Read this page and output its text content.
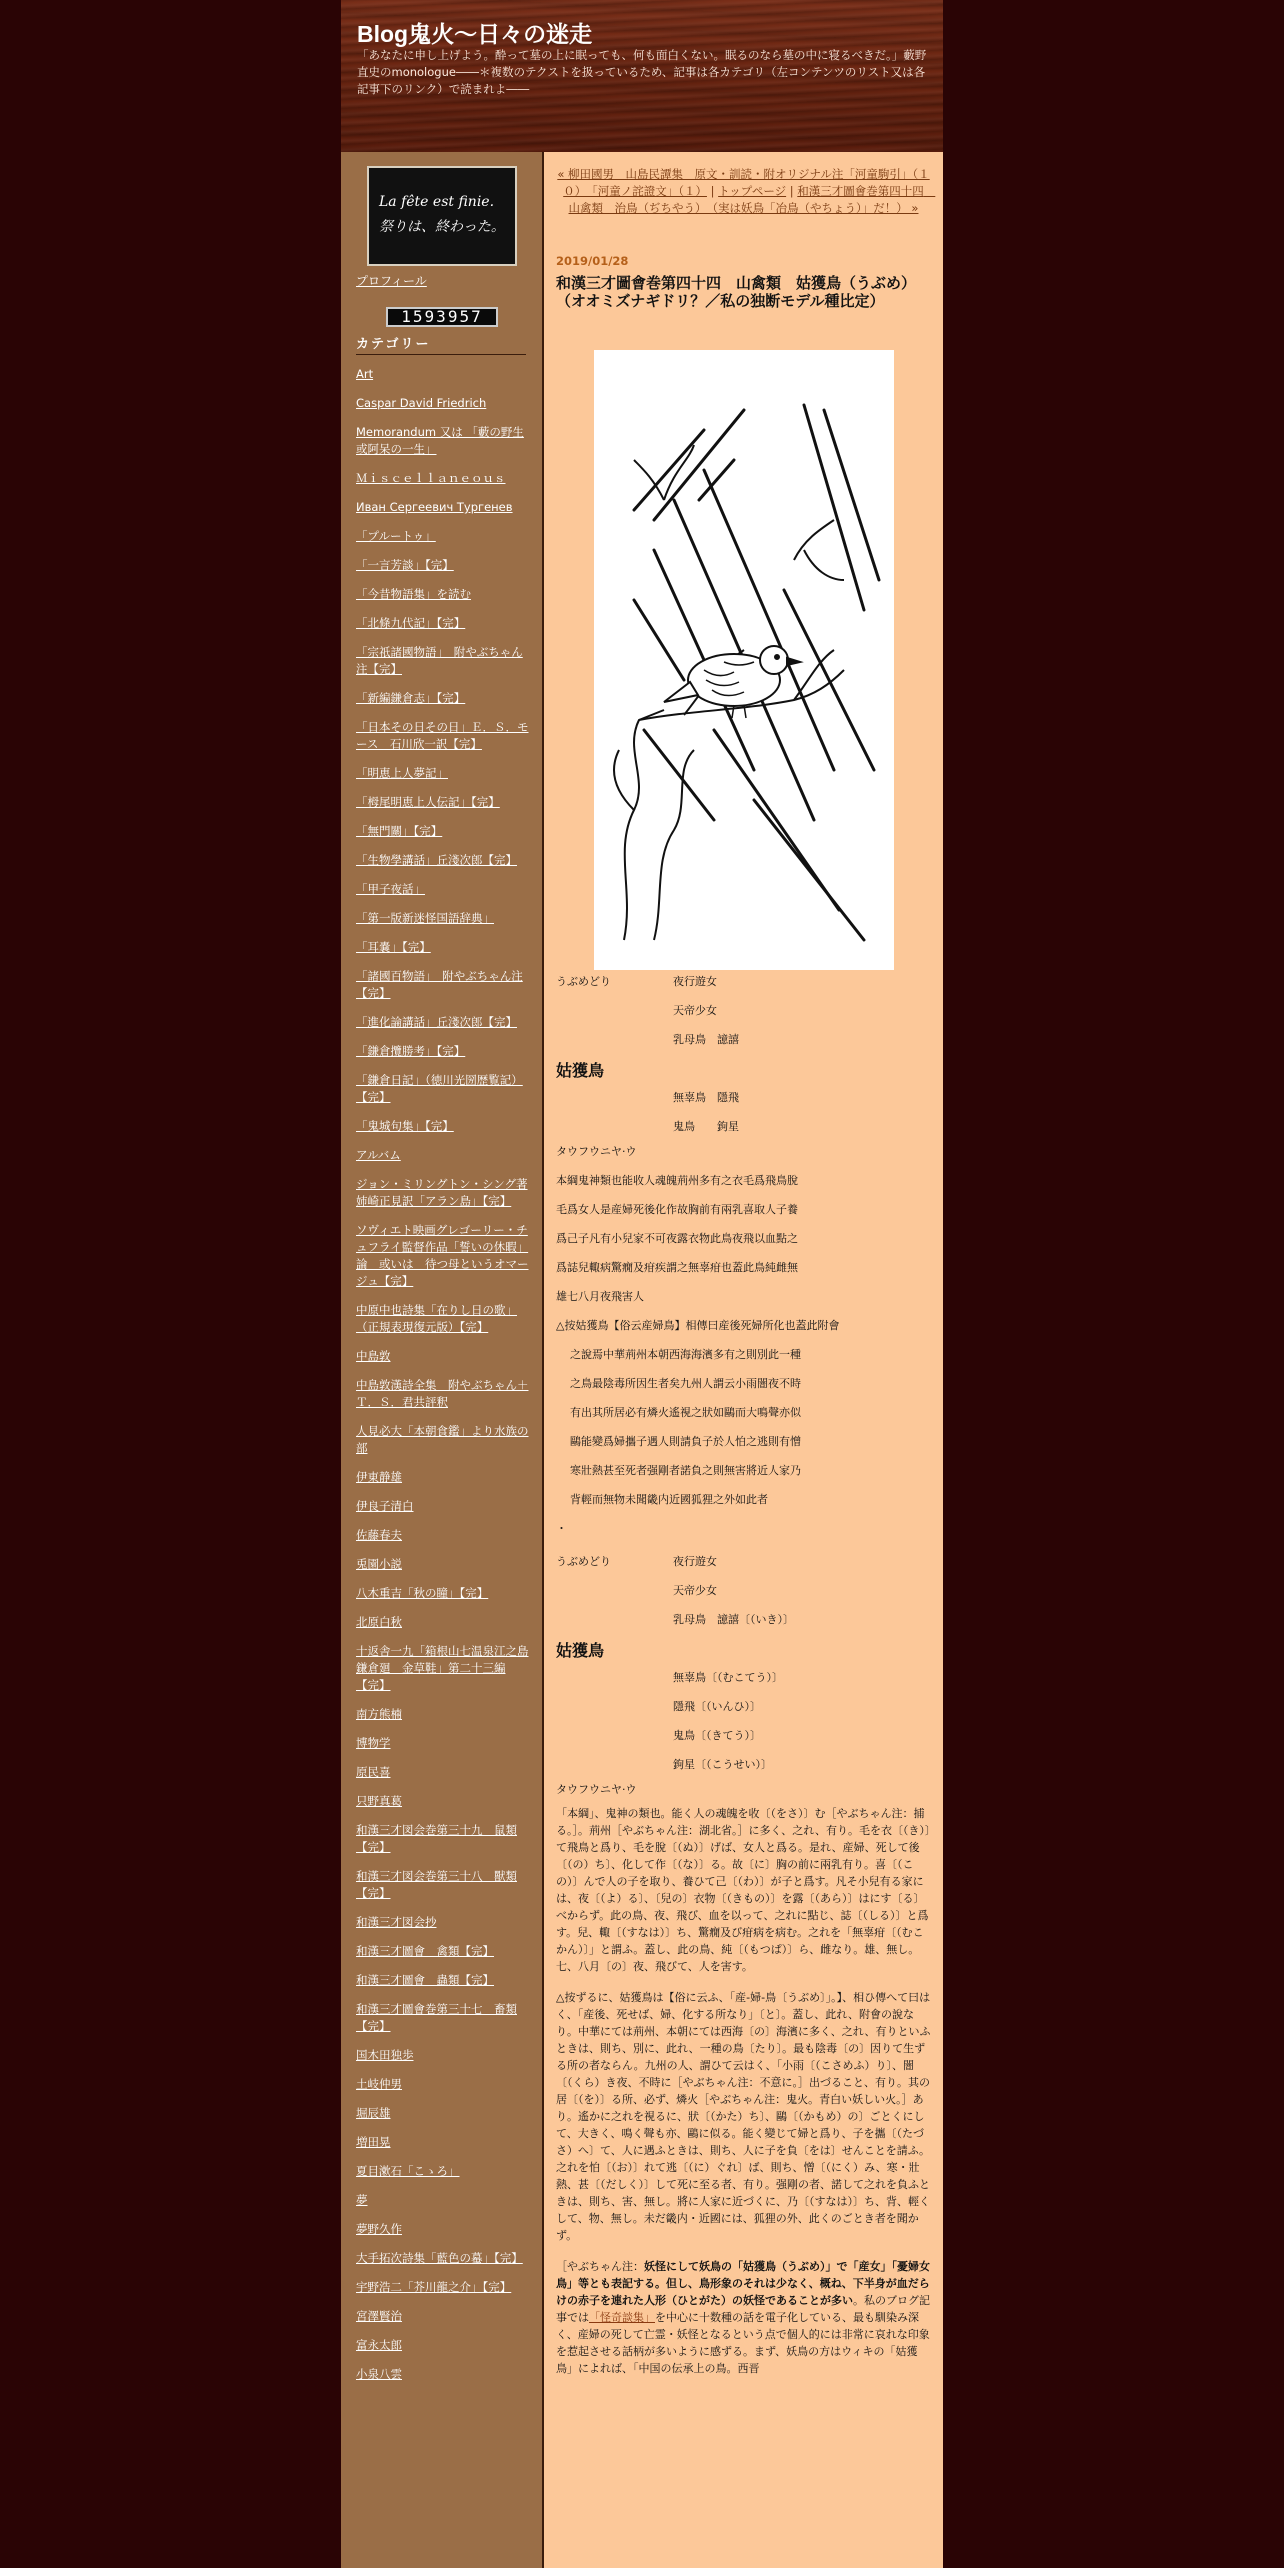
Blog鬼火～日々の迷走
「あなたに申し上げよう。酔って墓の上に眠っても、何も面白くない。眠るのなら墓の中に寝るべきだ。」藪野直史のmonologue――＊複数のテクストを扱っているため、記事は各カテゴリ（左コンテンツのリスト又は各記事下のリンク）で読まれよ――
La fête est finie.
祭りは、終わった。
プロフィール
1593957
カテゴリー
Art
Caspar David Friedrich
Memorandum 又は 「藪の野生或阿呆の一生」
Ｍｉｓｃｅｌｌａｎｅｏｕｓ
Иван Сергеевич Тургенев
「プルートゥ」
「一言芳談」【完】
「今昔物語集」を読む
「北條九代記」【完】
「宗祇諸國物語」　附やぶちゃん注【完】
「新編鎌倉志」【完】
「日本その日その日」Ｅ．Ｓ．モース　石川欣一訳【完】
「明恵上人夢記」
「栂尾明恵上人伝記」【完】
「無門關」【完】
「生物學講話」丘淺次郎【完】
「甲子夜話」
「第一版新迷怪国語辞典」
「耳嚢」【完】
「諸國百物語」　附やぶちゃん注【完】
「進化論講話」丘淺次郎【完】
「鎌倉攬勝考」【完】
「鎌倉日記」（徳川光圀歴覧記）【完】
「鬼城句集」【完】
アルバム
ジョン・ミリングトン・シング著姉崎正見訳「アラン島」【完】
ソヴィエト映画グレゴーリー・チュフライ監督作品「誓いの休暇」論　或いは　待つ母というオマージュ【完】
中原中也詩集「在りし日の歌」（正規表現復元版）【完】
中島敦
中島敦漢詩全集　附やぶちゃん＋Ｔ．Ｓ．君共評釈
人見必大「本朝食鑑」より水族の部
伊東静雄
伊良子清白
佐藤春夫
兎園小説
八木重吉「秋の瞳」【完】
北原白秋
十返舎一九「箱根山七温泉江之島鎌倉廻　金草鞋」第二十三編【完】
南方熊楠
博物学
原民喜
只野真葛
和漢三才図会巻第三十九　鼠類【完】
和漢三才図会巻第三十八　獸類【完】
和漢三才図会抄
和漢三才圖會　禽類【完】
和漢三才圖會　蟲類【完】
和漢三才圖會巻第三十七　畜類【完】
国木田独歩
土岐仲男
堀辰雄
増田晃
夏目漱石「こゝろ」
夢
夢野久作
大手拓次詩集「藍色の蟇」【完】
宇野浩二「芥川龍之介」【完】
宮澤賢治
富永太郎
小泉八雲
« 柳田國男　山島民譚集　原文・訓読・附オリジナル注「河童駒引」（１０）　「河童ノ詫證文」（１） | トップページ | 和漢三才圖會巻第四十四　山禽類　治鳥（ぢちやう）　（実は妖鳥「冶鳥（やちょう）」だ！） »
2019/01/28
和漢三才圖會巻第四十四　山禽類　姑獲鳥（うぶめ）　（オオミズナギドリ？／私の独断モデル種比定）
うぶめどり	夜行遊女
天帝少女
乳母鳥　譩譆
姑獲鳥
無辜鳥　隱飛
鬼鳥　　鉤星
タウフウニヤ·ウ
本綱鬼神類也能收人魂魄荊州多有之衣毛爲飛鳥脫
毛爲女人是産婦死後化作故胸前有兩乳喜取人子養
爲己子凡有小兒家不可夜露衣物此鳥夜飛以血點之
爲誌兒輙病驚癇及疳疾謂之無辜疳也蓋此鳥純雌無
雄七八月夜飛害人
△按姑獲鳥【俗云産婦鳥】相傳曰産後死婦所化也蓋此附會
之說焉中華荊州本朝西海海濱多有之則別此一種
之鳥最陰毒所因生者矣九州人謂云小雨闇夜不時
有出其所居必有燐火遙視之狀如鷗而大鳴聲亦似
鷗能變爲婦攜子遇人則請負子於人怕之逃則有憎
寒壯熱甚至死者强剛者諾負之則無害將近人家乃
背輕而無物未聞畿内近國狐狸之外如此者
・
うぶめどり	夜行遊女
天帝少女
乳母鳥　譩譆〔（いき）〕
姑獲鳥
無辜鳥〔（むこてう）〕
隱飛〔（いんひ）〕
鬼鳥〔（きてう）〕
鉤星〔（こうせい）〕
タウフウニヤ·ウ
「本綱」、鬼神の類也。能く人の魂魄を收〔（をさ）〕む［やぶちゃん注：捕る。］。荊州［やぶちゃん注：湖北省。］に多く、之れ、有り。毛を衣〔（き）〕て飛鳥と爲り、毛を脫〔（ぬ）〕げば、女人と爲る。是れ、産婦、死して後〔（の）ち〕、化して作〔（な）〕る。故〔に〕胸の前に兩乳有り。喜〔（この）〕んで人の子を取り、養ひて己〔（わ）〕が子と爲す。凡そ小兒有る家には、夜〔（よ）る〕、〔兒の〕衣物〔（きもの）〕を露〔（あら）〕はにす〔る〕べからず。此の鳥、夜、飛び、血を以って、之れに點じ、誌〔（しる）〕と爲す。兒、輙〔（すなは）〕ち、驚癇及び疳病を病む。之れを「無辜疳〔（むこかん）〕」と謂ふ。蓋し、此の鳥、純〔（もつぱ）〕ら、雌なり。雄、無し。七、八月〔の〕夜、飛びて、人を害す。
△按ずるに、姑獲鳥は【俗に云ふ、「産-婦-鳥〔うぶめ〕」。】、相ひ傳へて曰はく、「産後、死せば、婦、化する所なり」〔と〕。蓋し、此れ、附會の說なり。中華にては荊州、本朝にては西海〔の〕海濱に多く、之れ、有りといふときは、則ち、別に、此れ、一種の鳥〔たり〕。最も陰毒〔の〕因りて生ずる所の者ならん。九州の人、謂ひて云はく、「小雨〔（こさめふ）り〕、闇〔（くら）き夜、不時に［やぶちゃん注：不意に。］出づること、有り。其の居〔（を）〕る所、必ず、燐火［やぶちゃん注：鬼火。青白い妖しい火。］あり。遙かに之れを視るに、狀〔（かた）ち〕、鷗〔（かもめ）の〕ごとくにして、大きく、鳴く聲も亦、鷗に似る。能く變じて婦と爲り、子を攜〔（たづさ）へ〕て、人に遇ふときは、則ち、人に子を負〔をは〕せんことを請ふ。之れを怕〔（お）〕れて逃〔（に）ぐれ〕ば、則ち、憎〔（にく）み、寒・壯熱、甚〔（だしく）〕して死に至る者、有り。强剛の者、諾して之れを負ふときは、則ち、害、無し。將に人家に近づくに、乃〔（すなは）〕ち、背、輕くして、物、無し。未だ畿内・近國には、狐狸の外、此くのごとき者を聞かず。
［やぶちゃん注：妖怪にして妖鳥の「姑獲鳥（うぶめ）」で「産女」「憂婦女鳥」等とも表記する。但し、鳥形象のそれは少なく、概ね、下半身が血だらけの赤子を連れた人形（ひとがた）の妖怪であることが多い。私のブログ記事では「怪奇談集」を中心に十数種の話を電子化している、最も馴染み深く、産婦の死して亡霊・妖怪となるという点で個人的には非常に哀れな印象を惹起させる話柄が多いように感ずる。まず、妖鳥の方はウィキの「姑獲鳥」によれば、「中国の伝承上の鳥。西晋
